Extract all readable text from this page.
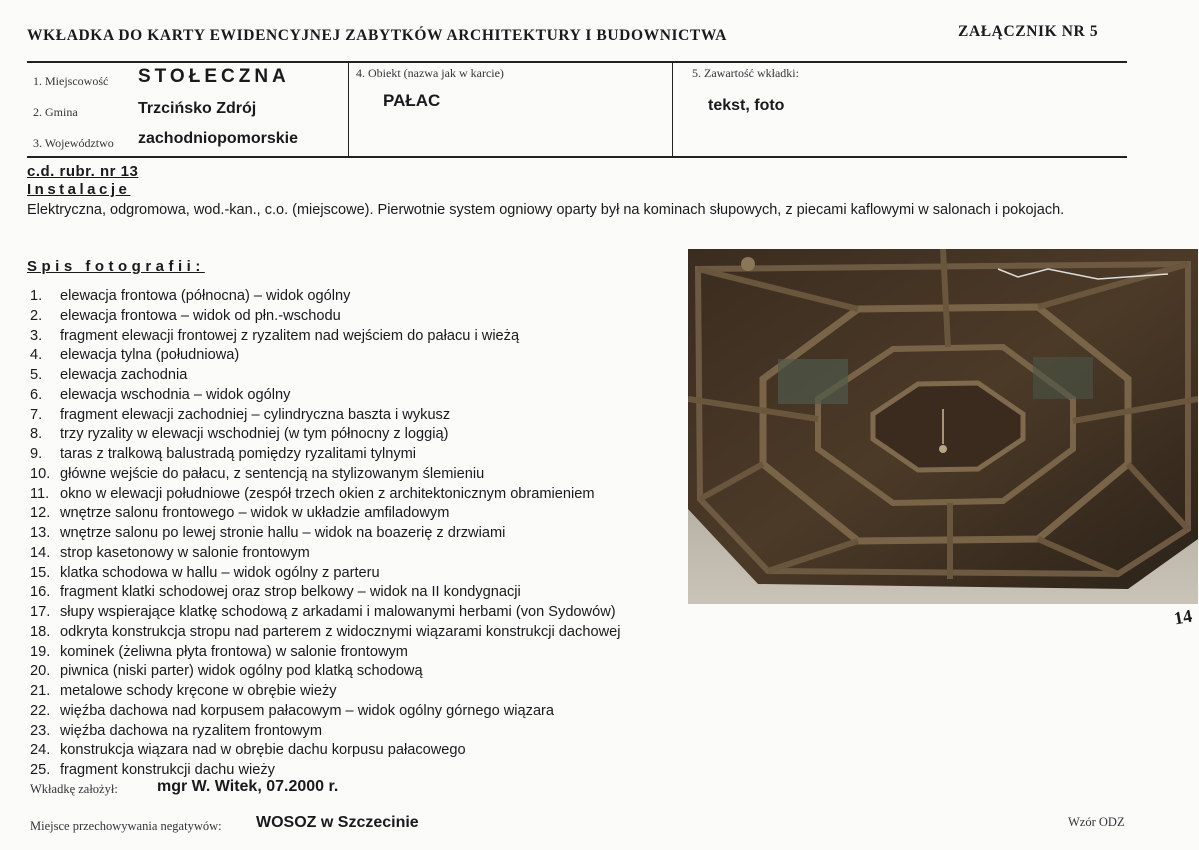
WKŁADKA DO KARTY EWIDENCYJNEJ ZABYTKÓW ARCHITEKTURY I BUDOWNICTWA	ZAŁĄCZNIK NR 5
1. Miejscowość STOŁECZNA
2. Gmina	Trzcińsko Zdrój
3. Województwo zachodniopomorskie
4. Obiekt (nazwa jak w karcie)
PAŁAC
5. Zawartość wkładki:
tekst, foto
c.d. rubr. nr 13
Instalacje
Elektryczna, odgromowa, wod.-kan., c.o. (miejscowe). Pierwotnie system ogniowy oparty był na kominach słupowych, z piecami kaflowymi w salonach i pokojach.
Spis fotografii:
1. elewacja frontowa (północna) – widok ogólny
2. elewacja frontowa – widok od płn.-wschodu
3. fragment elewacji frontowej z ryzalitem nad wejściem do pałacu i wieżą
4. elewacja tylna (południowa)
5. elewacja zachodnia
6. elewacja wschodnia – widok ogólny
7. fragment elewacji zachodniej – cylindryczna baszta i wykusz
8. trzy ryzality w elewacji wschodniej (w tym północny z loggią)
9. taras z tralkową balustradą pomiędzy ryzalitami tylnymi
10. główne wejście do pałacu, z sentencją na stylizowanym ślemieniu
11. okno w elewacji południowe (zespół trzech okien z architektonicznym obramieniem
12. wnętrze salonu frontowego – widok w układzie amfiladowym
13. wnętrze salonu po lewej stronie hallu – widok na boazerię z drzwiami
14. strop kasetonowy w salonie frontowym
15. klatka schodowa w hallu – widok ogólny z parteru
16. fragment klatki schodowej oraz strop belkowy – widok na II kondygnacji
17. słupy wspierające klatkę schodową z arkadami i malowanymi herbami (von Sydowów)
18. odkryta konstrukcja stropu nad parterem z widocznymi wiązarami konstrukcji dachowej
19. kominek (żeliwna płyta frontowa) w salonie frontowym
20. piwnica (niski parter) widok ogólny pod klatką schodową
21. metalowe schody kręcone w obrębie wieży
22. więźba dachowa nad korpusem pałacowym – widok ogólny górnego wiązara
23. więźba dachowa na ryzalitem frontowym
24. konstrukcja wiązara nad w obrębie dachu korpusu pałacowego
25. fragment konstrukcji dachu wieży
14
Wkładkę założył: mgr W. Witek, 07.2000 r.
Miejsce przechowywania negatywów: WOSOZ w Szczecinie	Wzór ODZ
